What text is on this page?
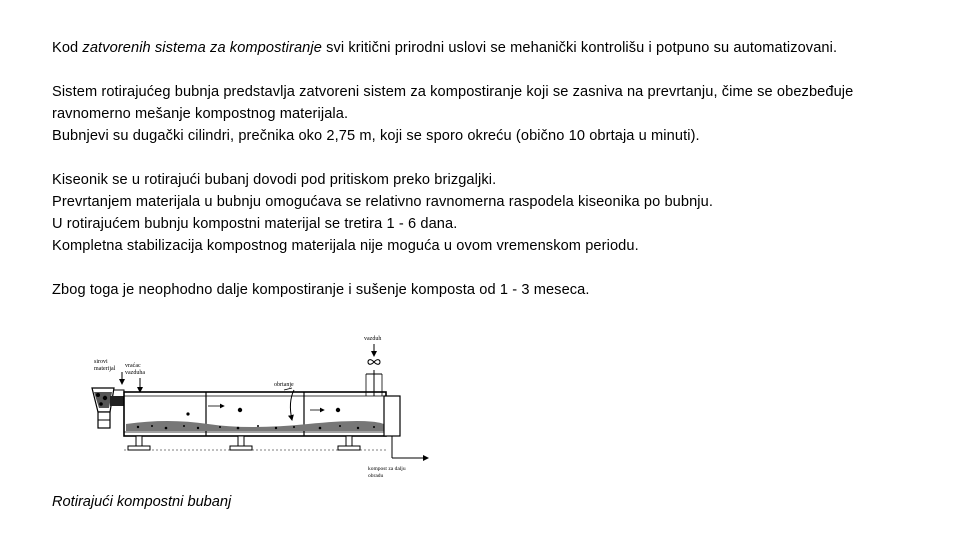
Kod zatvorenih sistema za kompostiranje svi kritični prirodni uslovi se mehanički kontrolišu i potpuno su automatizovani.

Sistem rotirajućeg bubnja predstavlja zatvoreni sistem za kompostiranje koji se zasniva na prevrtanju, čime se obezbeđuje ravnomerno mešanje kompostnog materijala.

Bubnjevi su dugački cilindri, prečnika oko 2,75 m, koji se sporo okreću (obično 10 obrtaja u minuti).

Kiseonik se u rotirajući bubanj dovodi pod pritiskom preko brizgaljki.

Prevrtanjem materijala u bubnju omogućava se relativno ravnomerna raspodela kiseonika po bubnju.

U rotirajućem bubnju kompostni materijal se tretira 1 - 6 dana.

Kompletna stabilizacija kompostnog materijala nije moguća u ovom vremenskom periodu.

Zbog toga je neophodno dalje kompostiranje i sušenje komposta od 1 - 3 meseca.

sirovi
materijal vraćac
vazduha
vazduh
obrtanje
kompost za dalju
obradu
Rotirajući kompostni bubanj
